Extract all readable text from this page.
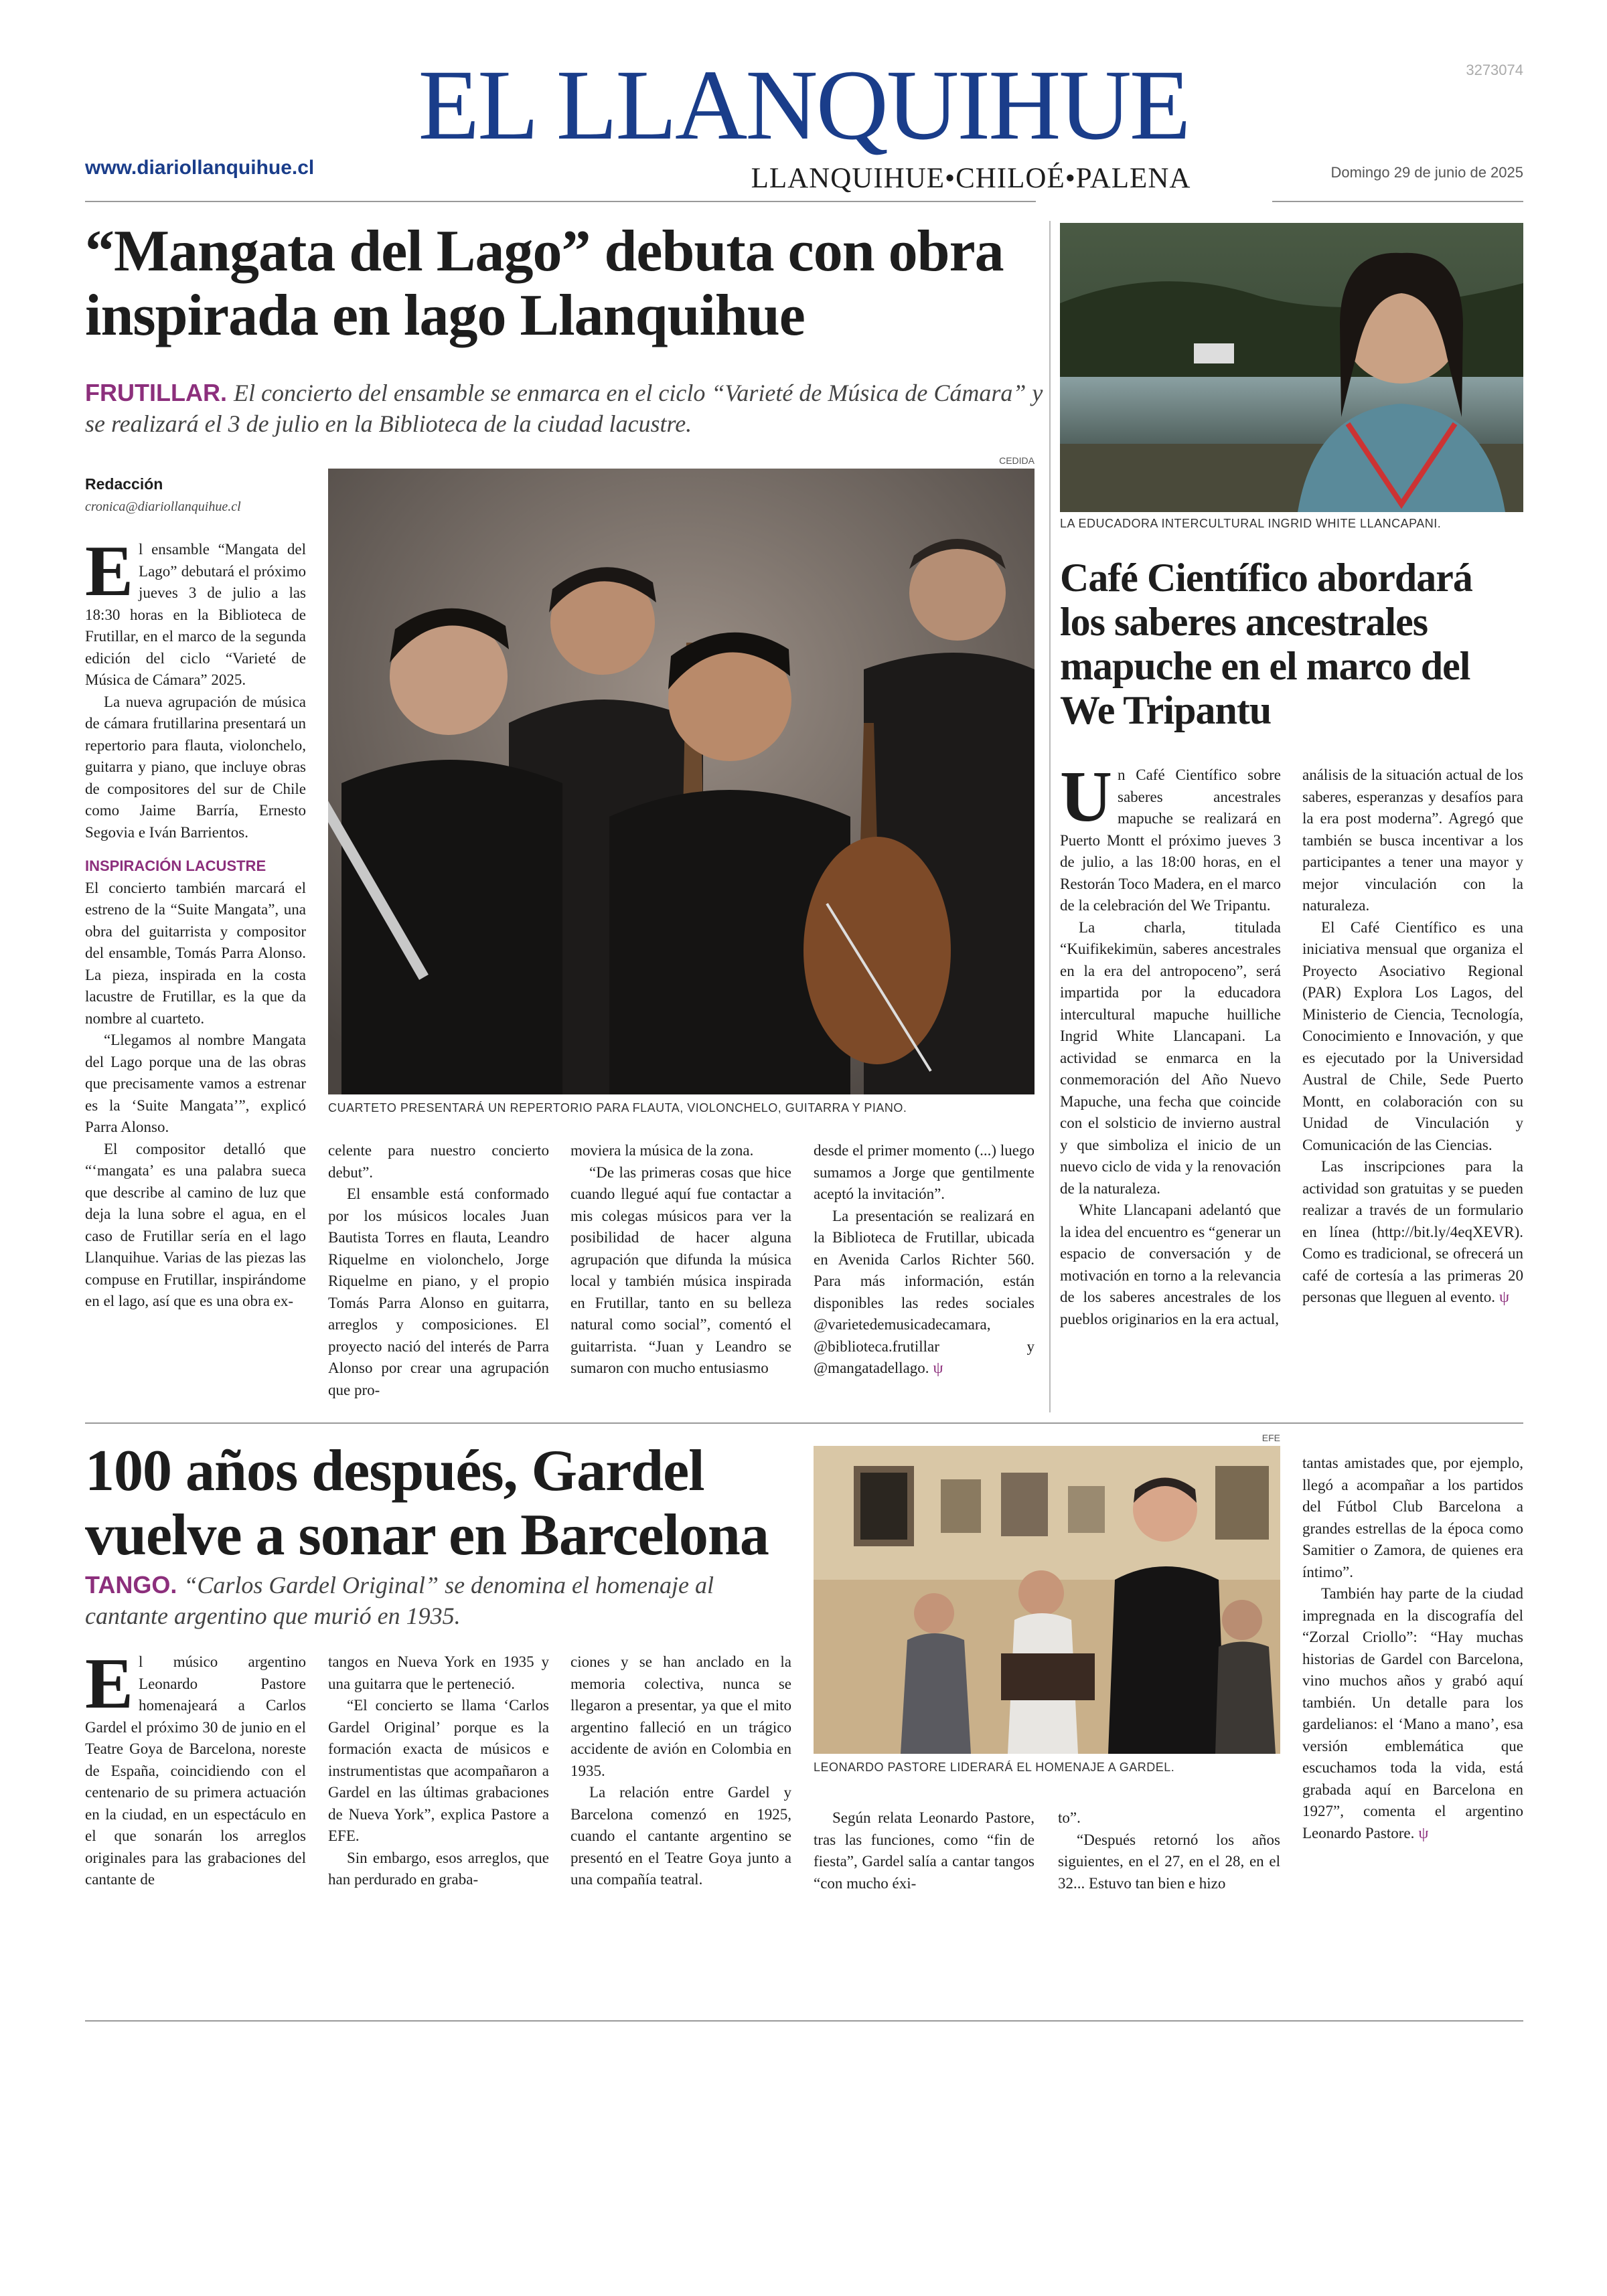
3273074
EL LLANQUIHUE
www.diariollanquihue.cl	LLANQUIHUE•CHILOÉ•PALENA	Domingo 29 de junio de 2025
“Mangata del Lago” debuta con obra inspirada en lago Llanquihue
FRUTILLAR. El concierto del ensamble se enmarca en el ciclo “Varieté de Música de Cámara” y se realizará el 3 de julio en la Biblioteca de la ciudad lacustre.
Redacción
cronica@diariollanquihue.cl

El ensamble “Mangata del Lago” debutará el próximo jueves 3 de julio a las 18:30 horas en la Biblioteca de Frutillar, en el marco de la segunda edición del ciclo “Varieté de Música de Cámara” 2025.

La nueva agrupación de música de cámara frutillarina presentará un repertorio para flauta, violonchelo, guitarra y piano, que incluye obras de compositores del sur de Chile como Jaime Barría, Ernesto Segovia e Iván Barrientos.

INSPIRACIÓN LACUSTRE

El concierto también marcará el estreno de la “Suite Mangata”, una obra del guitarrista y compositor del ensamble, Tomás Parra Alonso. La pieza, inspirada en la costa lacustre de Frutillar, es la que da nombre al cuarteto.

“Llegamos al nombre Mangata del Lago porque una de las obras que precisamente vamos a estrenar es la ‘Suite Mangata’”, explicó Parra Alonso.

El compositor detalló que “‘mangata’ es una palabra sueca que describe al camino de luz que deja la luna sobre el agua, en el caso de Frutillar sería en el lago Llanquihue. Varias de las piezas las compuse en Frutillar, inspirándome en el lago, así que es una obra ex-

CEDIDA
CUARTETO PRESENTARÁ UN REPERTORIO PARA FLAUTA, VIOLONCHELO, GUITARRA Y PIANO.

celente para nuestro concierto debut”.

El ensamble está conformado por los músicos locales Juan Bautista Torres en flauta, Leandro Riquelme en violonchelo, Jorge Riquelme en piano, y el propio Tomás Parra Alonso en guitarra, arreglos y composiciones. El proyecto nació del interés de Parra Alonso por crear una agrupación que pro-

moviera la música de la zona.

“De las primeras cosas que hice cuando llegué aquí fue contactar a mis colegas músicos para ver la posibilidad de hacer alguna agrupación que difunda la música local y también música inspirada en Frutillar, tanto en su belleza natural como social”, comentó el guitarrista. “Juan y Leandro se sumaron con mucho entusiasmo

desde el primer momento (...) luego sumamos a Jorge que gentilmente aceptó la invitación”.

La presentación se realizará en la Biblioteca de Frutillar, ubicada en Avenida Carlos Richter 560. Para más información, están disponibles las redes sociales @varietedemusicadecamara, @biblioteca.frutillar y @mangatadellago. ψ

LA EDUCADORA INTERCULTURAL INGRID WHITE LLANCAPANI.
Café Científico abordará los saberes ancestrales mapuche en el marco del We Tripantu

Un Café Científico sobre saberes ancestrales mapuche se realizará en Puerto Montt el próximo jueves 3 de julio, a las 18:00 horas, en el Restorán Toco Madera, en el marco de la celebración del We Tripantu.

La charla, titulada “Kuifikekimün, saberes ancestrales en la era del antropoceno”, será impartida por la educadora intercultural mapuche huilliche Ingrid White Llancapani. La actividad se enmarca en la conmemoración del Año Nuevo Mapuche, una fecha que coincide con el solsticio de invierno austral y que simboliza el inicio de un nuevo ciclo de vida y la renovación de la naturaleza.

White Llancapani adelantó que la idea del encuentro es “generar un espacio de conversación y de motivación en torno a la relevancia de los saberes ancestrales de los pueblos originarios en la era actual,

análisis de la situación actual de los saberes, esperanzas y desafíos para la era post moderna”. Agregó que también se busca incentivar a los participantes a tener una mayor y mejor vinculación con la naturaleza.

El Café Científico es una iniciativa mensual que organiza el Proyecto Asociativo Regional (PAR) Explora Los Lagos, del Ministerio de Ciencia, Tecnología, Conocimiento e Innovación, y que es ejecutado por la Universidad Austral de Chile, Sede Puerto Montt, en colaboración con su Unidad de Vinculación y Comunicación de las Ciencias.

Las inscripciones para la actividad son gratuitas y se pueden realizar a través de un formulario en línea (http://bit.ly/4eqXEVR). Como es tradicional, se ofrecerá un café de cortesía a las primeras 20 personas que lleguen al evento. ψ

100 años después, Gardel vuelve a sonar en Barcelona
TANGO. “Carlos Gardel Original” se denomina el homenaje al cantante argentino que murió en 1935.
EFE
LEONARDO PASTORE LIDERARÁ EL HOMENAJE A GARDEL.

El músico argentino Leonardo Pastore homenajeará a Carlos Gardel el próximo 30 de junio en el Teatre Goya de Barcelona, noreste de España, coincidiendo con el centenario de su primera actuación en la ciudad, en un espectáculo en el que sonarán los arreglos originales para las grabaciones del cantante de

tangos en Nueva York en 1935 y una guitarra que le perteneció.

“El concierto se llama ‘Carlos Gardel Original’ porque es la formación exacta de músicos e instrumentistas que acompañaron a Gardel en las últimas grabaciones de Nueva York”, explica Pastore a EFE.

Sin embargo, esos arreglos, que han perdurado en graba-

ciones y se han anclado en la memoria colectiva, nunca se llegaron a presentar, ya que el mito argentino falleció en un trágico accidente de avión en Colombia en 1935.

La relación entre Gardel y Barcelona comenzó en 1925, cuando el cantante argentino se presentó en el Teatre Goya junto a una compañía teatral.

Según relata Leonardo Pastore, tras las funciones, como “fin de fiesta”, Gardel salía a cantar tangos “con mucho éxi-

to”.

“Después retornó los años siguientes, en el 27, en el 28, en el 32... Estuvo tan bien e hizo

tantas amistades que, por ejemplo, llegó a acompañar a los partidos del Fútbol Club Barcelona a grandes estrellas de la época como Samitier o Zamora, de quienes era íntimo”.

También hay parte de la ciudad impregnada en la discografía del “Zorzal Criollo”: “Hay muchas historias de Gardel con Barcelona, vino muchos años y grabó aquí también. Un detalle para los gardelianos: el ‘Mano a mano’, esa versión emblemática que escuchamos toda la vida, está grabada aquí en Barcelona en 1927”, comenta el argentino Leonardo Pastore. ψ
